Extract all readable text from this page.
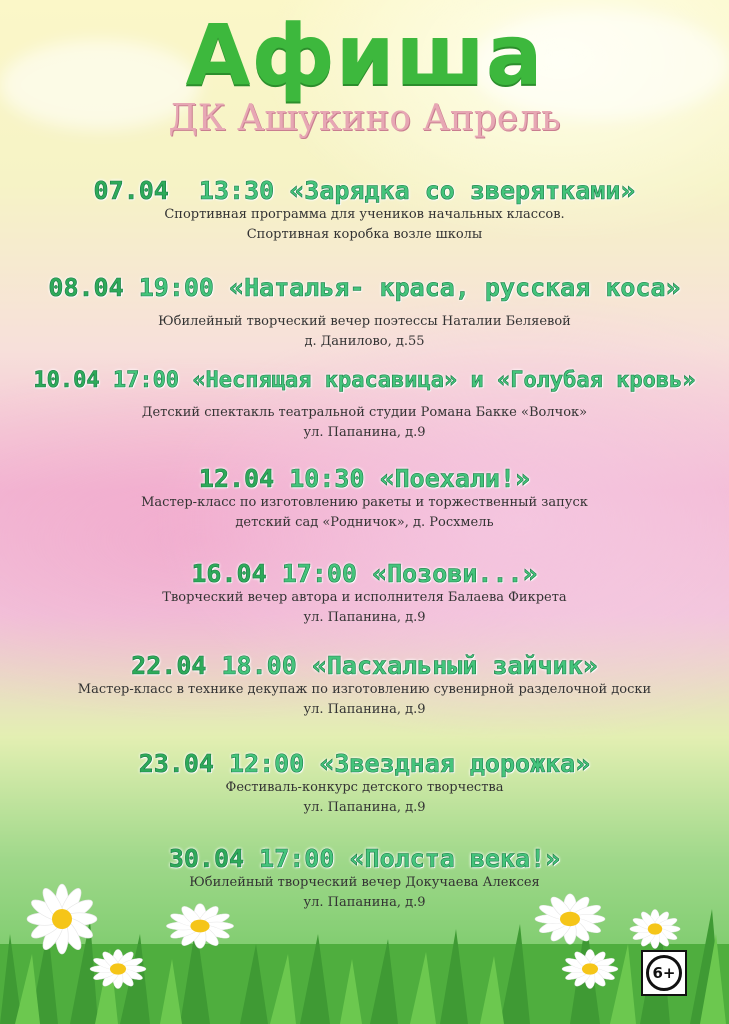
Афиша
ДК Ашукино Апрель
07.04 13:30 «Зарядка со зверятками»
Спортивная программа для учеников начальных классов.
Спортивная коробка возле школы
08.04 19:00 «Наталья- краса, русская коса»
Юбилейный творческий вечер поэтессы Наталии Беляевой
д. Данилово, д.55
10.04 17:00 «Неспящая красавица» и «Голубая кровь»
Детский спектакль театральной студии Романа Бакке «Волчок»
ул. Папанина, д.9
12.04 10:30 «Поехали!»
Мастер-класс по изготовлению ракеты и торжественный запуск
детский сад «Родничок», д. Росхмель
16.04 17:00 «Позови...»
Творческий вечер автора и исполнителя Балаева Фикрета
ул. Папанина, д.9
22.04 18.00 «Пасхальный зайчик»
Мастер-класс в технике декупаж по изготовлению сувенирной разделочной доски
ул. Папанина, д.9
23.04 12:00 «Звездная дорожка»
Фестиваль-конкурс детского творчества
ул. Папанина, д.9
30.04 17:00 «Полста века!»
Юбилейный творческий вечер Докучаева Алексея
ул. Папанина, д.9
6+
